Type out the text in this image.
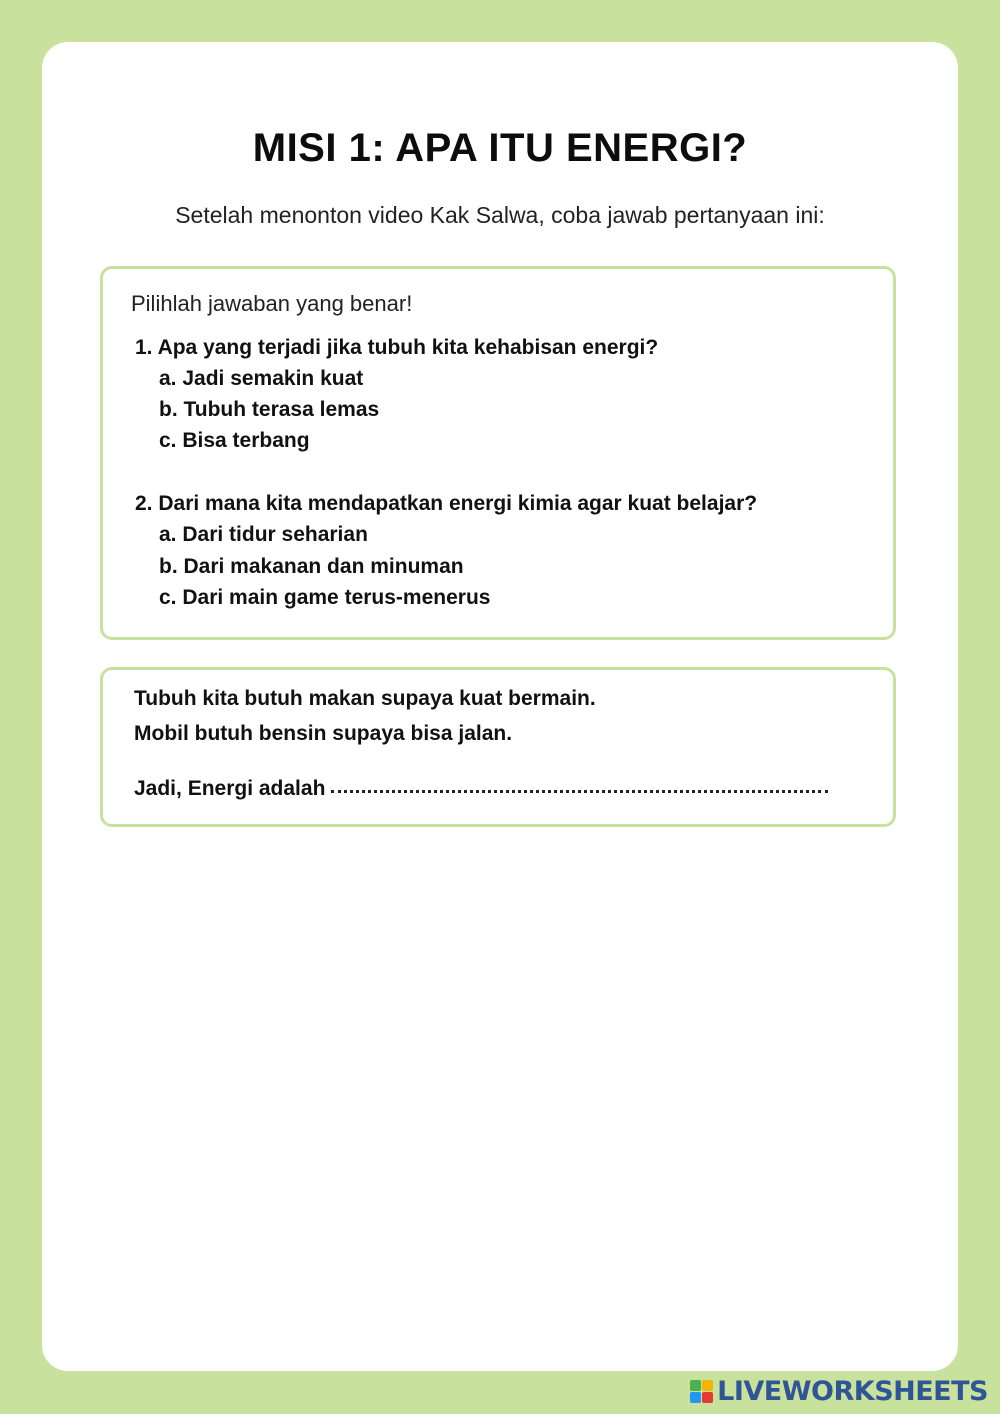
MISI 1: APA ITU ENERGI?

Setelah menonton video Kak Salwa, coba jawab pertanyaan ini:

Pilihlah jawaban yang benar!

1. Apa yang terjadi jika tubuh kita kehabisan energi?

a. Jadi semakin kuat

b. Tubuh terasa lemas

c. Bisa terbang

2. Dari mana kita mendapatkan energi kimia agar kuat belajar?

a. Dari tidur seharian

b. Dari makanan dan minuman

c. Dari main game terus-menerus

Tubuh kita butuh makan supaya kuat bermain.

Mobil butuh bensin supaya bisa jalan.

Jadi, Energi adalah
LIVEWORKSHEETS
